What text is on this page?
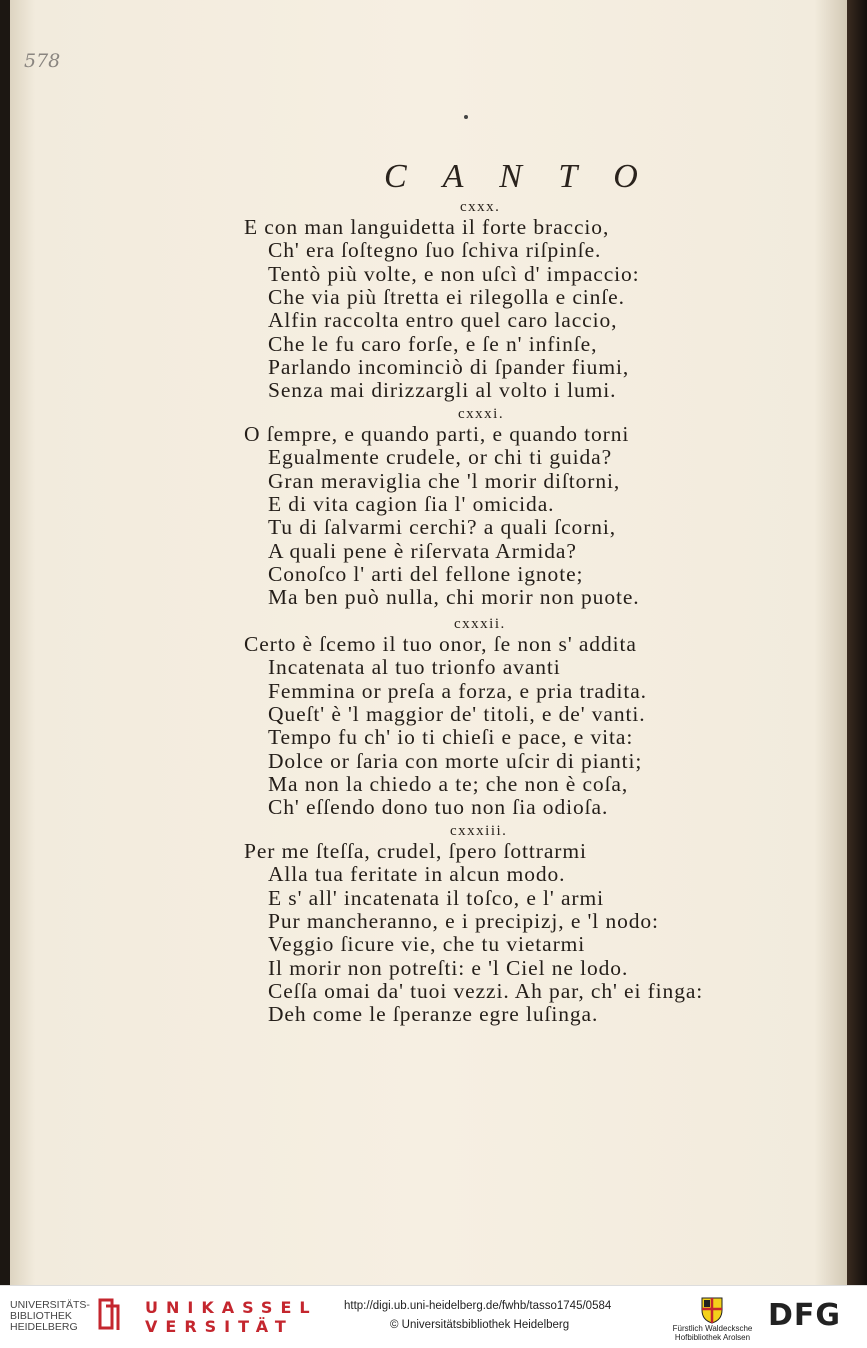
578
C A N T O
cxxx.
E con man languidetta il forte braccio,
Ch' era ſoſtegno ſuo ſchiva riſpinſe.
Tentò più volte, e non uſcì d' impaccio:
Che via più ſtretta ei rilegolla e cinſe.
Alfin raccolta entro quel caro laccio,
Che le fu caro forſe, e ſe n' infinſe,
Parlando incominciò di ſpander fiumi,
Senza mai dirizzargli al volto i lumi.
cxxxi.
O ſempre, e quando parti, e quando torni
Egualmente crudele, or chi ti guida?
Gran meraviglia che 'l morir diſtorni,
E di vita cagion ſia l' omicida.
Tu di ſalvarmi cerchi? a quali ſcorni,
A quali pene è riſervata Armida?
Conoſco l' arti del fellone ignote;
Ma ben può nulla, chi morir non puote.
cxxxii.
Certo è ſcemo il tuo onor, ſe non s' addita
Incatenata al tuo trionfo avanti
Femmina or preſa a forza, e pria tradita.
Queſt' è 'l maggior de' titoli, e de' vanti.
Tempo fu ch' io ti chieſi e pace, e vita:
Dolce or ſaria con morte uſcir di pianti;
Ma non la chiedo a te; che non è coſa,
Ch' eſſendo dono tuo non ſia odioſa.
cxxxiii.
Per me ſteſſa, crudel, ſpero ſottrarmi
Alla tua feritate in alcun modo.
E s' all' incatenata il toſco, e l' armi
Pur mancheranno, e i precipizj, e 'l nodo:
Veggio ſicure vie, che tu vietarmi
Il morir non potreſti: e 'l Ciel ne lodo.
Ceſſa omai da' tuoi vezzi. Ah par, ch' ei finga:
Deh come le ſperanze egre luſinga.
UNIVERSITÄTS-
BIBLIOTHEK
HEIDELBERG
UNIKASSEL
VERSITÄT
http://digi.ub.uni-heidelberg.de/fwhb/tasso1745/0584
© Universitätsbibliothek Heidelberg	Fürstlich Waldecksche
Hofbibliothek Arolsen
DFG
